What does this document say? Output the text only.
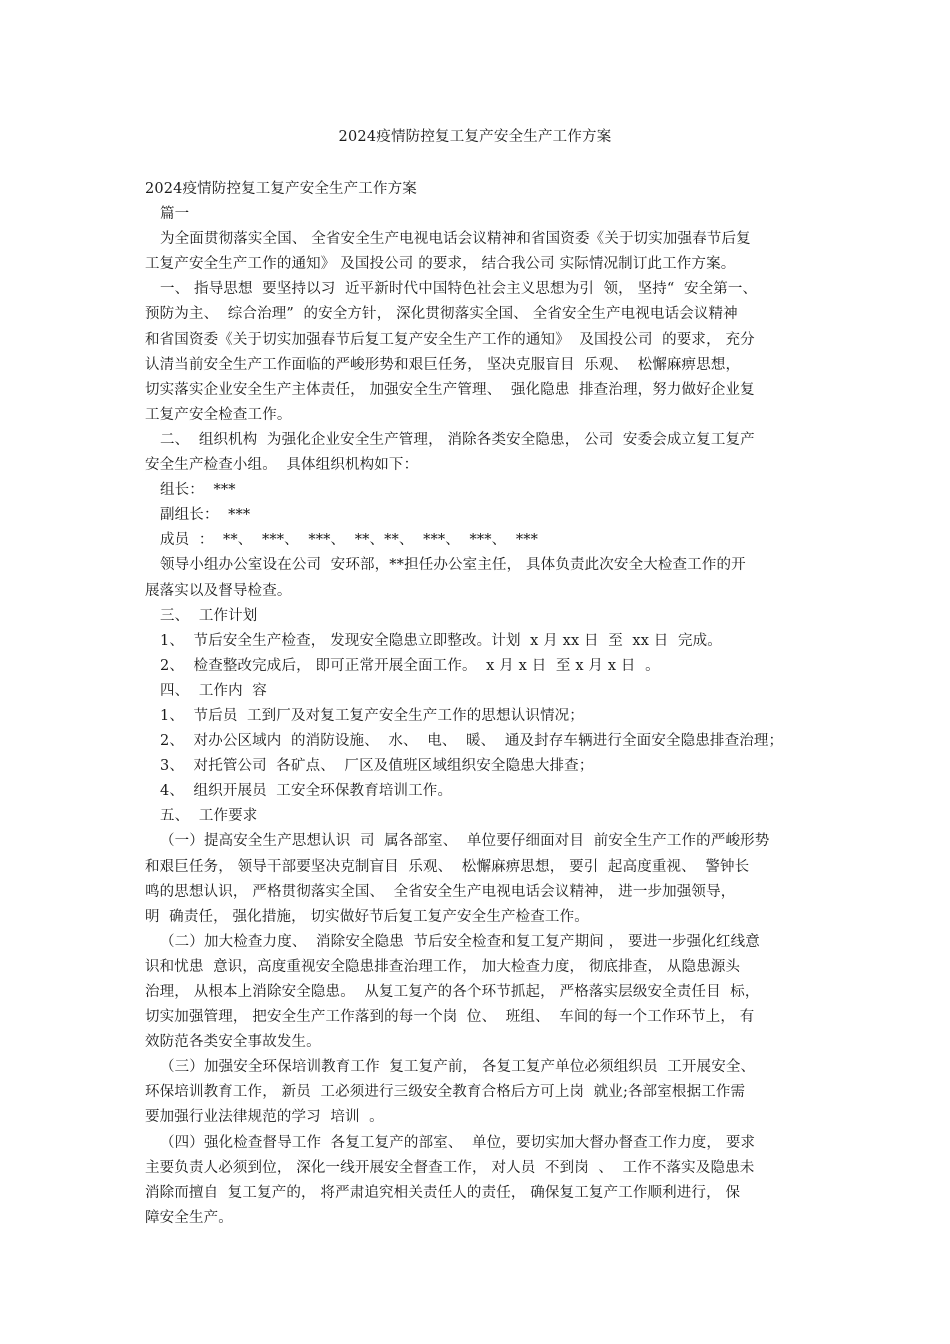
2024疫情防控复工复产安全生产工作方案
2024疫情防控复工复产安全生产工作方案
篇一
为全面贯彻落实全国、 全省安全生产电视电话会议精神和省国资委《关于切实加强春节后复
工复产安全生产工作的通知》 及国投公司 的要求， 结合我公司 实际情况制订此工作方案。
一、 指导思想  要坚持以习  近平新时代中国特色社会主义思想为引  领， 坚持“  安全第一、
预防为主、  综合治理”  的安全方针， 深化贯彻落实全国、 全省安全生产电视电话会议精神
和省国资委《关于切实加强春节后复工复产安全生产工作的通知》  及国投公司  的要求， 充分
认清当前安全生产工作面临的严峻形势和艰巨任务， 坚决克服盲目  乐观、  松懈麻痹思想，
切实落实企业安全生产主体责任， 加强安全生产管理、  强化隐患  排查治理，努力做好企业复
工复产安全检查工作。
二、  组织机构  为强化企业安全生产管理， 消除各类安全隐患， 公司  安委会成立复工复产
安全生产检查小组。  具体组织机构如下：
组长：  ***
副组长：  ***
成员  ：  **、  ***、  ***、  **、**、  ***、  ***、  ***
领导小组办公室设在公司  安环部，**担任办公室主任， 具体负责此次安全大检查工作的开
展落实以及督导检查。
三、  工作计划
1、  节后安全生产检查， 发现安全隐患立即整改。计划  x 月 xx 日  至  xx 日  完成。
2、  检查整改完成后， 即可正常开展全面工作。  x 月 x 日  至 x 月 x 日  。
四、  工作内  容
1、  节后员  工到厂及对复工复产安全生产工作的思想认识情况；
2、  对办公区域内  的消防设施、  水、  电、  暖、  通及封存车辆进行全面安全隐患排查治理；
3、  对托管公司  各矿点、  厂区及值班区域组织安全隐患大排查；
4、  组织开展员  工安全环保教育培训工作。
五、  工作要求
（一）提高安全生产思想认识  司  属各部室、  单位要仔细面对目  前安全生产工作的严峻形势
和艰巨任务， 领导干部要坚决克制盲目  乐观、  松懈麻痹思想， 要引  起高度重视、  警钟长
鸣的思想认识， 严格贯彻落实全国、  全省安全生产电视电话会议精神， 进一步加强领导，
明  确责任， 强化措施， 切实做好节后复工复产安全生产检查工作。
（二）加大检查力度、  消除安全隐患  节后安全检查和复工复产期间 ， 要进一步强化红线意
识和忧患  意识，高度重视安全隐患排查治理工作， 加大检查力度， 彻底排查， 从隐患源头
治理， 从根本上消除安全隐患。  从复工复产的各个环节抓起， 严格落实层级安全责任目  标，
切实加强管理， 把安全生产工作落到的每一个岗  位、  班组、  车间的每一个工作环节上， 有
效防范各类安全事故发生。
（三）加强安全环保培训教育工作  复工复产前， 各复工复产单位必须组织员  工开展安全、
环保培训教育工作， 新员  工必须进行三级安全教育合格后方可上岗  就业;各部室根据工作需
要加强行业法律规范的学习  培训  。
（四）强化检查督导工作  各复工复产的部室、  单位，要切实加大督办督查工作力度， 要求
主要负责人必须到位， 深化一线开展安全督查工作， 对人员  不到岗  、  工作不落实及隐患未
消除而擅自  复工复产的， 将严肃追究相关责任人的责任， 确保复工复产工作顺利进行， 保
障安全生产。
